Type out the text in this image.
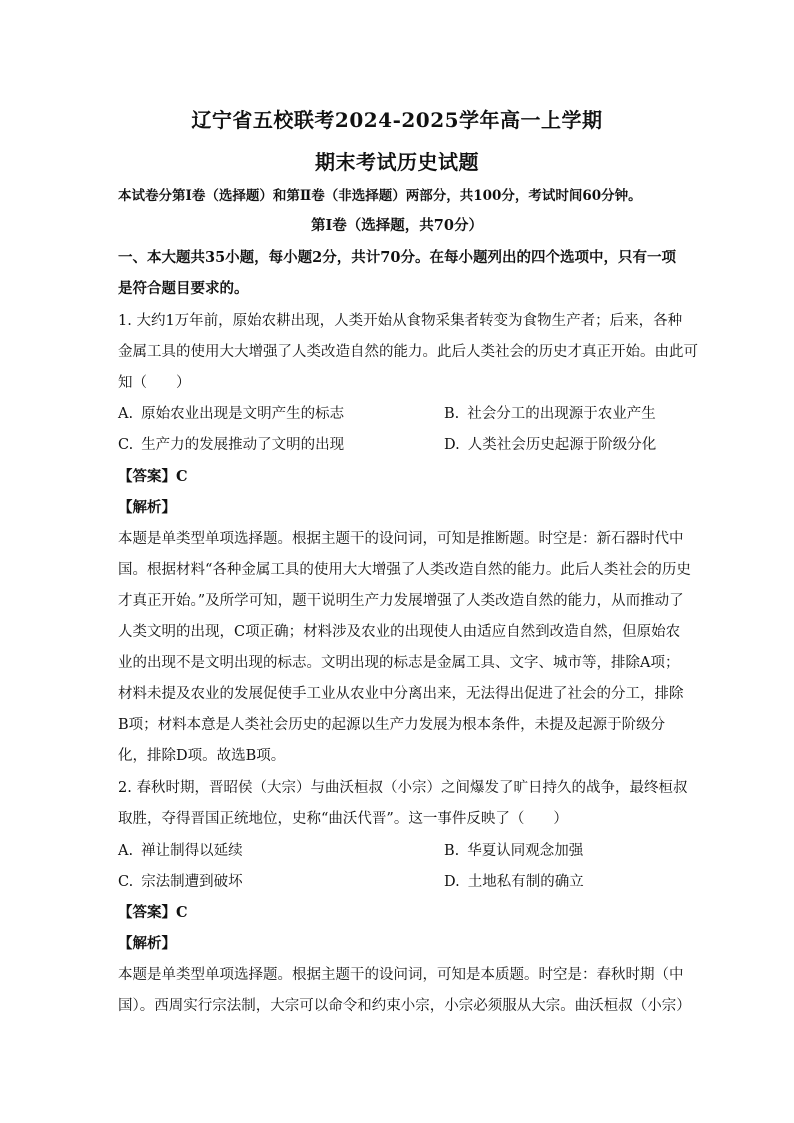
辽宁省五校联考2024-2025学年高一上学期
期末考试历史试题
本试卷分第Ⅰ卷（选择题）和第Ⅱ卷（非选择题）两部分，共100分，考试时间60分钟。
第Ⅰ卷（选择题，共70分）
一、本大题共35小题，每小题2分，共计70分。在每小题列出的四个选项中，只有一项
是符合题目要求的。
1. 大约1万年前，原始农耕出现，人类开始从食物采集者转变为食物生产者；后来，各种
金属工具的使用大大增强了人类改造自然的能力。此后人类社会的历史才真正开始。由此可
知（　　）
A. 原始农业出现是文明产生的标志	B. 社会分工的出现源于农业产生
C. 生产力的发展推动了文明的出现	D. 人类社会历史起源于阶级分化
【答案】C
【解析】
本题是单类型单项选择题。根据主题干的设问词，可知是推断题。时空是：新石器时代中
国。根据材料“各种金属工具的使用大大增强了人类改造自然的能力。此后人类社会的历史
才真正开始。”及所学可知，题干说明生产力发展增强了人类改造自然的能力，从而推动了
人类文明的出现，C项正确；材料涉及农业的出现使人由适应自然到改造自然，但原始农
业的出现不是文明出现的标志。文明出现的标志是金属工具、文字、城市等，排除A项；
材料未提及农业的发展促使手工业从农业中分离出来，无法得出促进了社会的分工，排除
B项；材料本意是人类社会历史的起源以生产力发展为根本条件，未提及起源于阶级分
化，排除D项。故选B项。
2. 春秋时期，晋昭侯（大宗）与曲沃桓叔（小宗）之间爆发了旷日持久的战争，最终桓叔
取胜，夺得晋国正统地位，史称“曲沃代晋”。这一事件反映了（　　）
A. 禅让制得以延续	B. 华夏认同观念加强
C. 宗法制遭到破坏	D. 土地私有制的确立
【答案】C
【解析】
本题是单类型单项选择题。根据主题干的设问词，可知是本质题。时空是：春秋时期（中
国）。西周实行宗法制，大宗可以命令和约束小宗，小宗必须服从大宗。曲沃桓叔（小宗）
